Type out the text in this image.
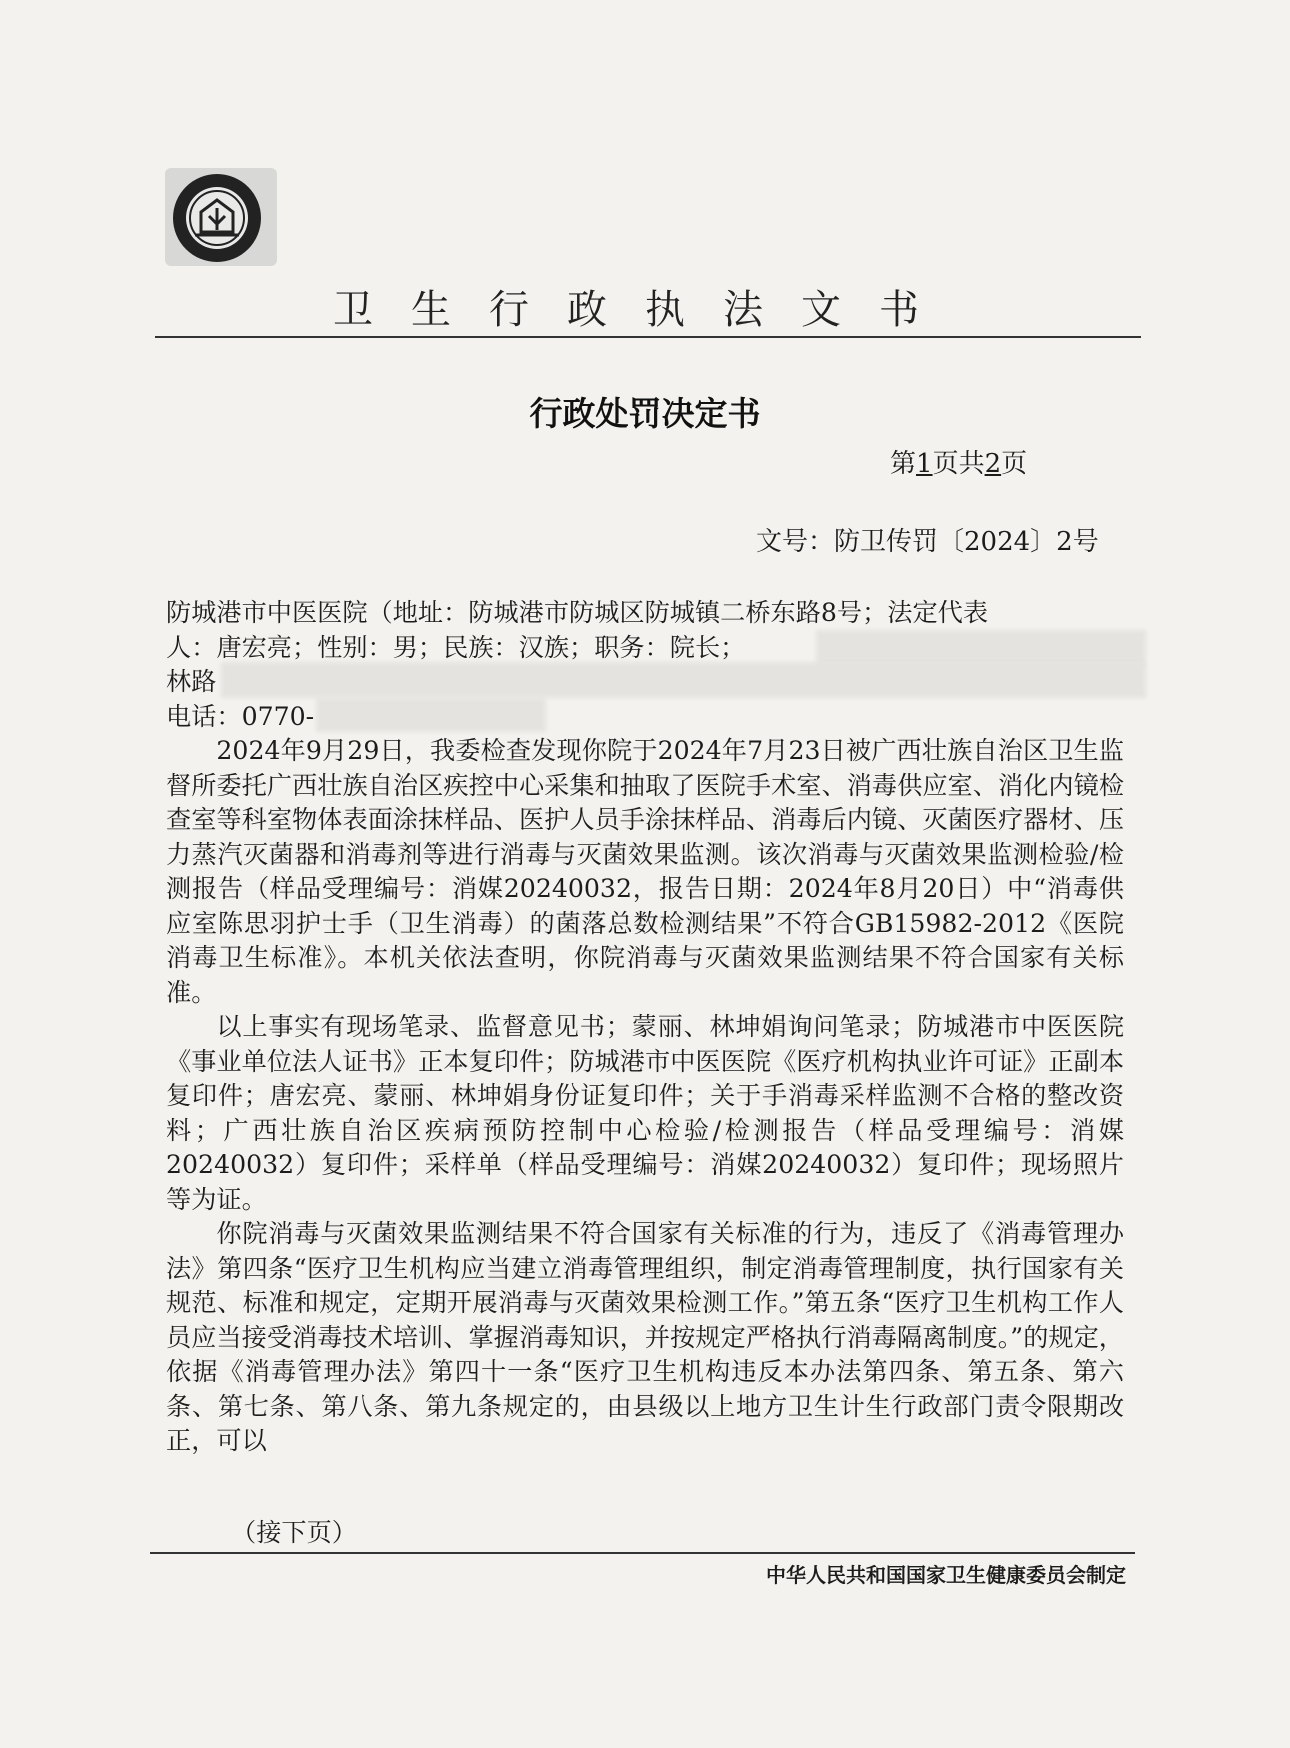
卫生行政执法文书
行政处罚决定书
第1页共2页
文号：防卫传罚〔2024〕2号

防城港市中医医院（地址：防城港市防城区防城镇二桥东路8号；法定代表

人：唐宏亮；性别：男；民族：汉族；职务：院长；

林路

电话：0770-

2024年9月29日，我委检查发现你院于2024年7月23日被广西壮族自治区卫生监督所委托广西壮族自治区疾控中心采集和抽取了医院手术室、消毒供应室、消化内镜检查室等科室物体表面涂抹样品、医护人员手涂抹样品、消毒后内镜、灭菌医疗器材、压力蒸汽灭菌器和消毒剂等进行消毒与灭菌效果监测。该次消毒与灭菌效果监测检验/检测报告（样品受理编号：消媒20240032，报告日期：2024年8月20日）中“消毒供应室陈思羽护士手（卫生消毒）的菌落总数检测结果”不符合GB15982-2012《医院消毒卫生标准》。本机关依法查明，你院消毒与灭菌效果监测结果不符合国家有关标准。

以上事实有现场笔录、监督意见书；蒙丽、林坤娟询问笔录；防城港市中医医院《事业单位法人证书》正本复印件；防城港市中医医院《医疗机构执业许可证》正副本复印件；唐宏亮、蒙丽、林坤娟身份证复印件；关于手消毒采样监测不合格的整改资料；广西壮族自治区疾病预防控制中心检验/检测报告（样品受理编号：消媒20240032）复印件；采样单（样品受理编号：消媒20240032）复印件；现场照片等为证。

你院消毒与灭菌效果监测结果不符合国家有关标准的行为，违反了《消毒管理办法》第四条“医疗卫生机构应当建立消毒管理组织，制定消毒管理制度，执行国家有关规范、标准和规定，定期开展消毒与灭菌效果检测工作。”第五条“医疗卫生机构工作人员应当接受消毒技术培训、掌握消毒知识，并按规定严格执行消毒隔离制度。”的规定，依据《消毒管理办法》第四十一条“医疗卫生机构违反本办法第四条、第五条、第六条、第七条、第八条、第九条规定的，由县级以上地方卫生计生行政部门责令限期改正，可以

（接下页）
中华人民共和国国家卫生健康委员会制定
